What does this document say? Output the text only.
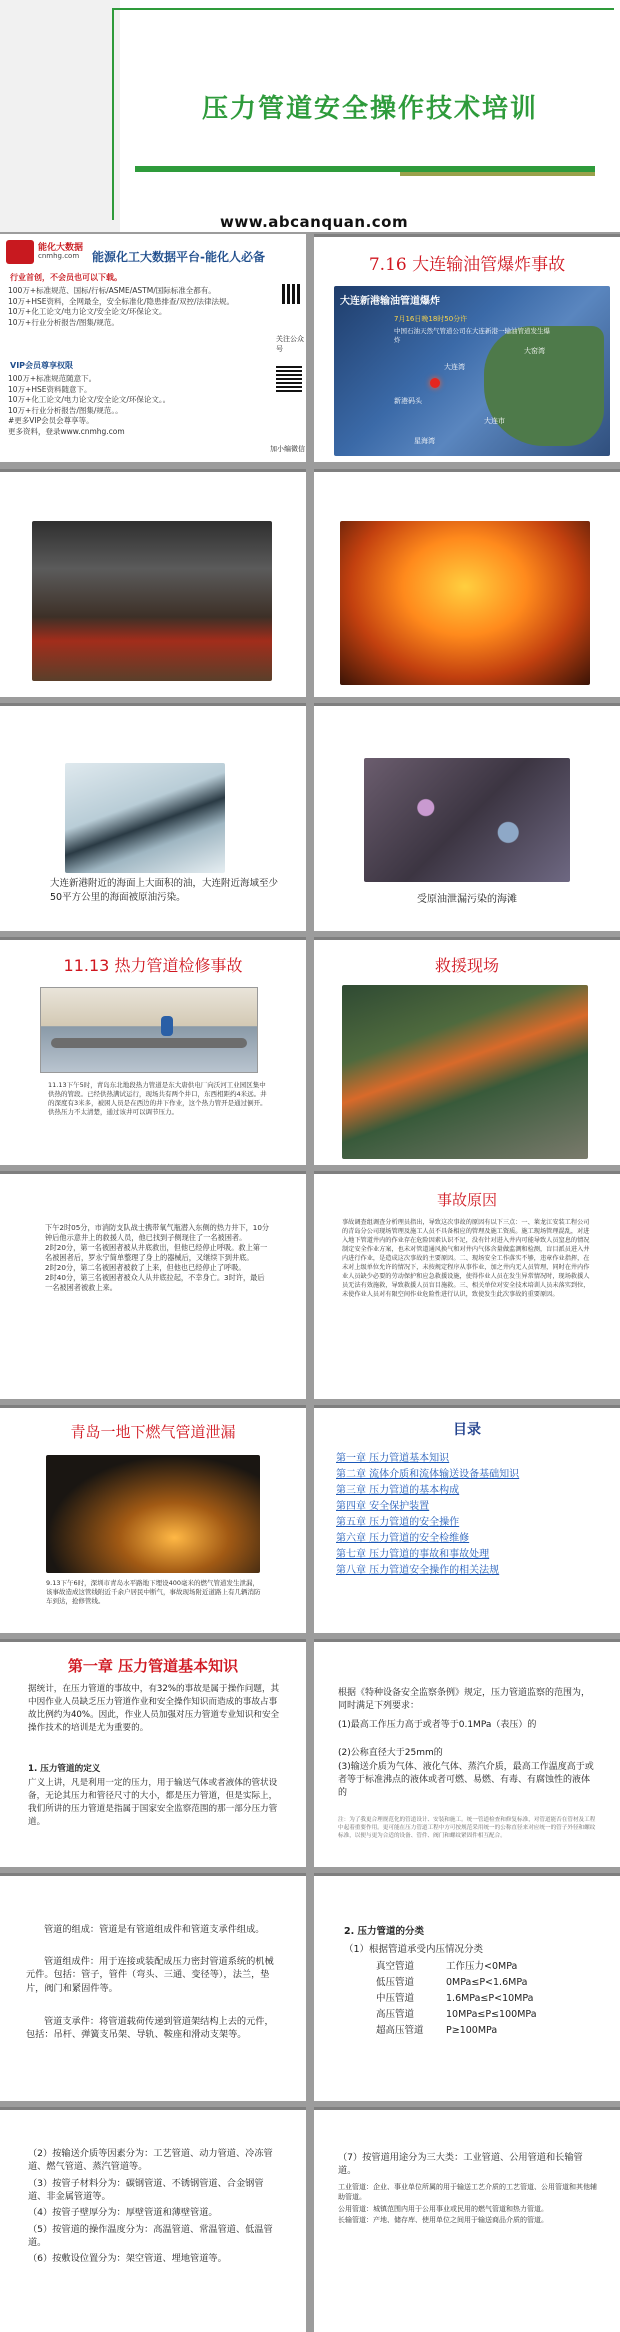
压力管道安全操作技术培训
www.abcanquan.com
能化大数据
cnmhg.com 能源化工大数据平台-能化人必备
行业首创，不会员也可以下载。
100万+标准规范、国标/行标/ASME/ASTM/国际标准全都有。
10万+HSE资料，全网最全，安全标准化/隐患排查/双控/法律法规。
10万+化工论文/电力论文/安全论文/环保论文。
10万+行业分析报告/图集/规范。
关注公众号
VIP会员尊享权限
100万+标准规范随意下。
10万+HSE资料随意下。
10万+化工论文/电力论文/安全论文/环保论文。。
10万+行业分析报告/图集/规范。。
#更多VIP会员会尊享等。
更多资料，登录www.cnmhg.com
加小编微信
7.16 大连输油管爆炸事故
大连新港输油管道爆炸
7月16日晚18时50分许
中国石油天然气管道公司在大连新港一输油管道发生爆炸
大连湾
大窑湾
大连市
新港码头
星海湾
大连新港附近的海面上大面积的油，大连附近海域至少50平方公里的海面被原油污染。	受原油泄漏污染的海滩
11.13 热力管道检修事故
11.13下午5时，青岛东北地段热力管道是东大唐供电厂向沃河工业园区集中供热的管段。已经供热满试运行，现场共有两个井口，东西相距约4米远。井的深度有3米多，被困人员是在西边的井下作业，这个热力管开是通过倒开。供热压力不太清楚，通过该井可以调节压力。
救援现场
下午2时05分，市消防支队战士携带氧气瓶潜入东侧的热力井下，10分钟后他示意井上的救援人员，他已找到子侧现住了一名被困者。
2时20分，第一名被困者被从井底救出，但他已经停止呼吸。救上第一名被困者后，罗永宁简单整理了身上的器械后，又继续下到井底。
2时20分，第二名被困者被救了上来，但他也已经停止了呼吸。
2时40分，第三名被困者被众人从井底拉起，不幸身亡。3时许，最后一名被困者被救上来。
事故原因
事故调查组调查分析理员指出，导致这次事故的原因有以下三点：一、莱龙江安装工程公司的青岛分公司现场管理及施工人员不具备相应的管理及施工资质。施工现场管理混乱，对进入地下管道井内的作业存在危险因素认识不足，没有针对进入井内可能导致人员窒息的情况制定安全作业方案，也未对管道通风换气和对井内气体含量做监测和检测，盲目派员进入井内进行作业，是造成这次事故的主要原因。二、现场安全工作落实不够，违章作业指挥，在未对上级单位允许的情况下，未按规定程序从事作业，加之井内无人员管理，同时在井内作业人员缺少必要的劳动保护和应急救援设施，使得作业人员在发生异常情况时，现场救援人员无法有效施救，导致救援人员盲目施救。三、相关单位对安全技术培训人员未落实到位，未使作业人员对有限空间作业危险性进行认识，致使发生此次事故的重要原因。
青岛一地下燃气管道泄漏
9.13下午6时，深圳市青岛水平路地下埋设400毫米的燃气管道发生泄漏，该事故造成这管线附近千余户居民中断气，事故现场附近道路上有几辆消防车到达，抢修管线。
目录
第一章 压力管道基本知识
第二章 流体介质和流体输送设备基础知识
第三章 压力管道的基本构成
第四章 安全保护装置
第五章 压力管道的安全操作
第六章 压力管道的安全检维修
第七章 压力管道的事故和事故处理
第八章 压力管道安全操作的相关法规
第一章 压力管道基本知识
据统计，在压力管道的事故中，有32%的事故是属于操作问题，其中因作业人员缺乏压力管道作业和安全操作知识而造成的事故占事故比例约为40%。因此，作业人员加强对压力管道专业知识和安全操作技术的培训是尤为重要的。
1. 压力管道的定义
广义上讲，凡是利用一定的压力，用于输送气体或者液体的管状设备，无论其压力和管径尺寸的大小，都是压力管道，但是实际上，我们所讲的压力管道是指属于国家安全监察范围的那一部分压力管道。
根据《特种设备安全监察条例》规定，压力管道监察的范围为，同时满足下列要求：
(1)最高工作压力高于或者等于0.1MPa（表压）的
(2)公称直径大于25mm的
(3)输送介质为气体、液化气体、蒸汽介质，最高工作温度高于或者等于标准沸点的液体或者可燃、易燃、有毒、有腐蚀性的液体的
注：为了我更合理规范化的管道设计、安装和施工。统一管道检查和修复标准，对管道能否在管材及工程中起着重要作用。更可能在压力管道工程中方可按规范采用统一的公称直径来对应统一的管子外径和螺纹标准，以便与更为合适的设备、管件、阀门和螺纹紧固件相互配合。
管道的组成：管道是有管道组成件和管道支承件组成。
管道组成件：用于连接或装配成压力密封管道系统的机械元件。包括：管子，管件（弯头、三通、变径等），法兰，垫片，阀门和紧固件等。
管道支承件：将管道载荷传递到管道架结构上去的元件，包括：吊杆、弹簧支吊架、导轨、鞍座和滑动支架等。
2. 压力管道的分类
（1）根据管道承受内压情况分类
真空管道	工作压力<0MPa
低压管道	0MPa≤P<1.6MPa
中压管道	1.6MPa≤P<10MPa
高压管道	10MPa≤P≤100MPa
超高压管道	P≥100MPa
（2）按输送介质等因素分为：工艺管道、动力管道、冷冻管道、燃气管道、蒸汽管道等。
（3）按管子材料分为：碳钢管道、不锈钢管道、合金钢管道、非金属管道等。
（4）按管子壁厚分为：厚壁管道和薄壁管道。
（5）按管道的操作温度分为：高温管道、常温管道、低温管道。
（6）按敷设位置分为：架空管道、埋地管道等。
（7）按管道用途分为三大类：工业管道、公用管道和长输管道。
工业管道：企业、事业单位所属的用于输送工艺介质的工艺管道、公用管道和其他辅助管道。
公用管道：城镇范围内用于公用事业或民用的燃气管道和热力管道。
长输管道：产地、储存库、使用单位之间用于输送商品介质的管道。
